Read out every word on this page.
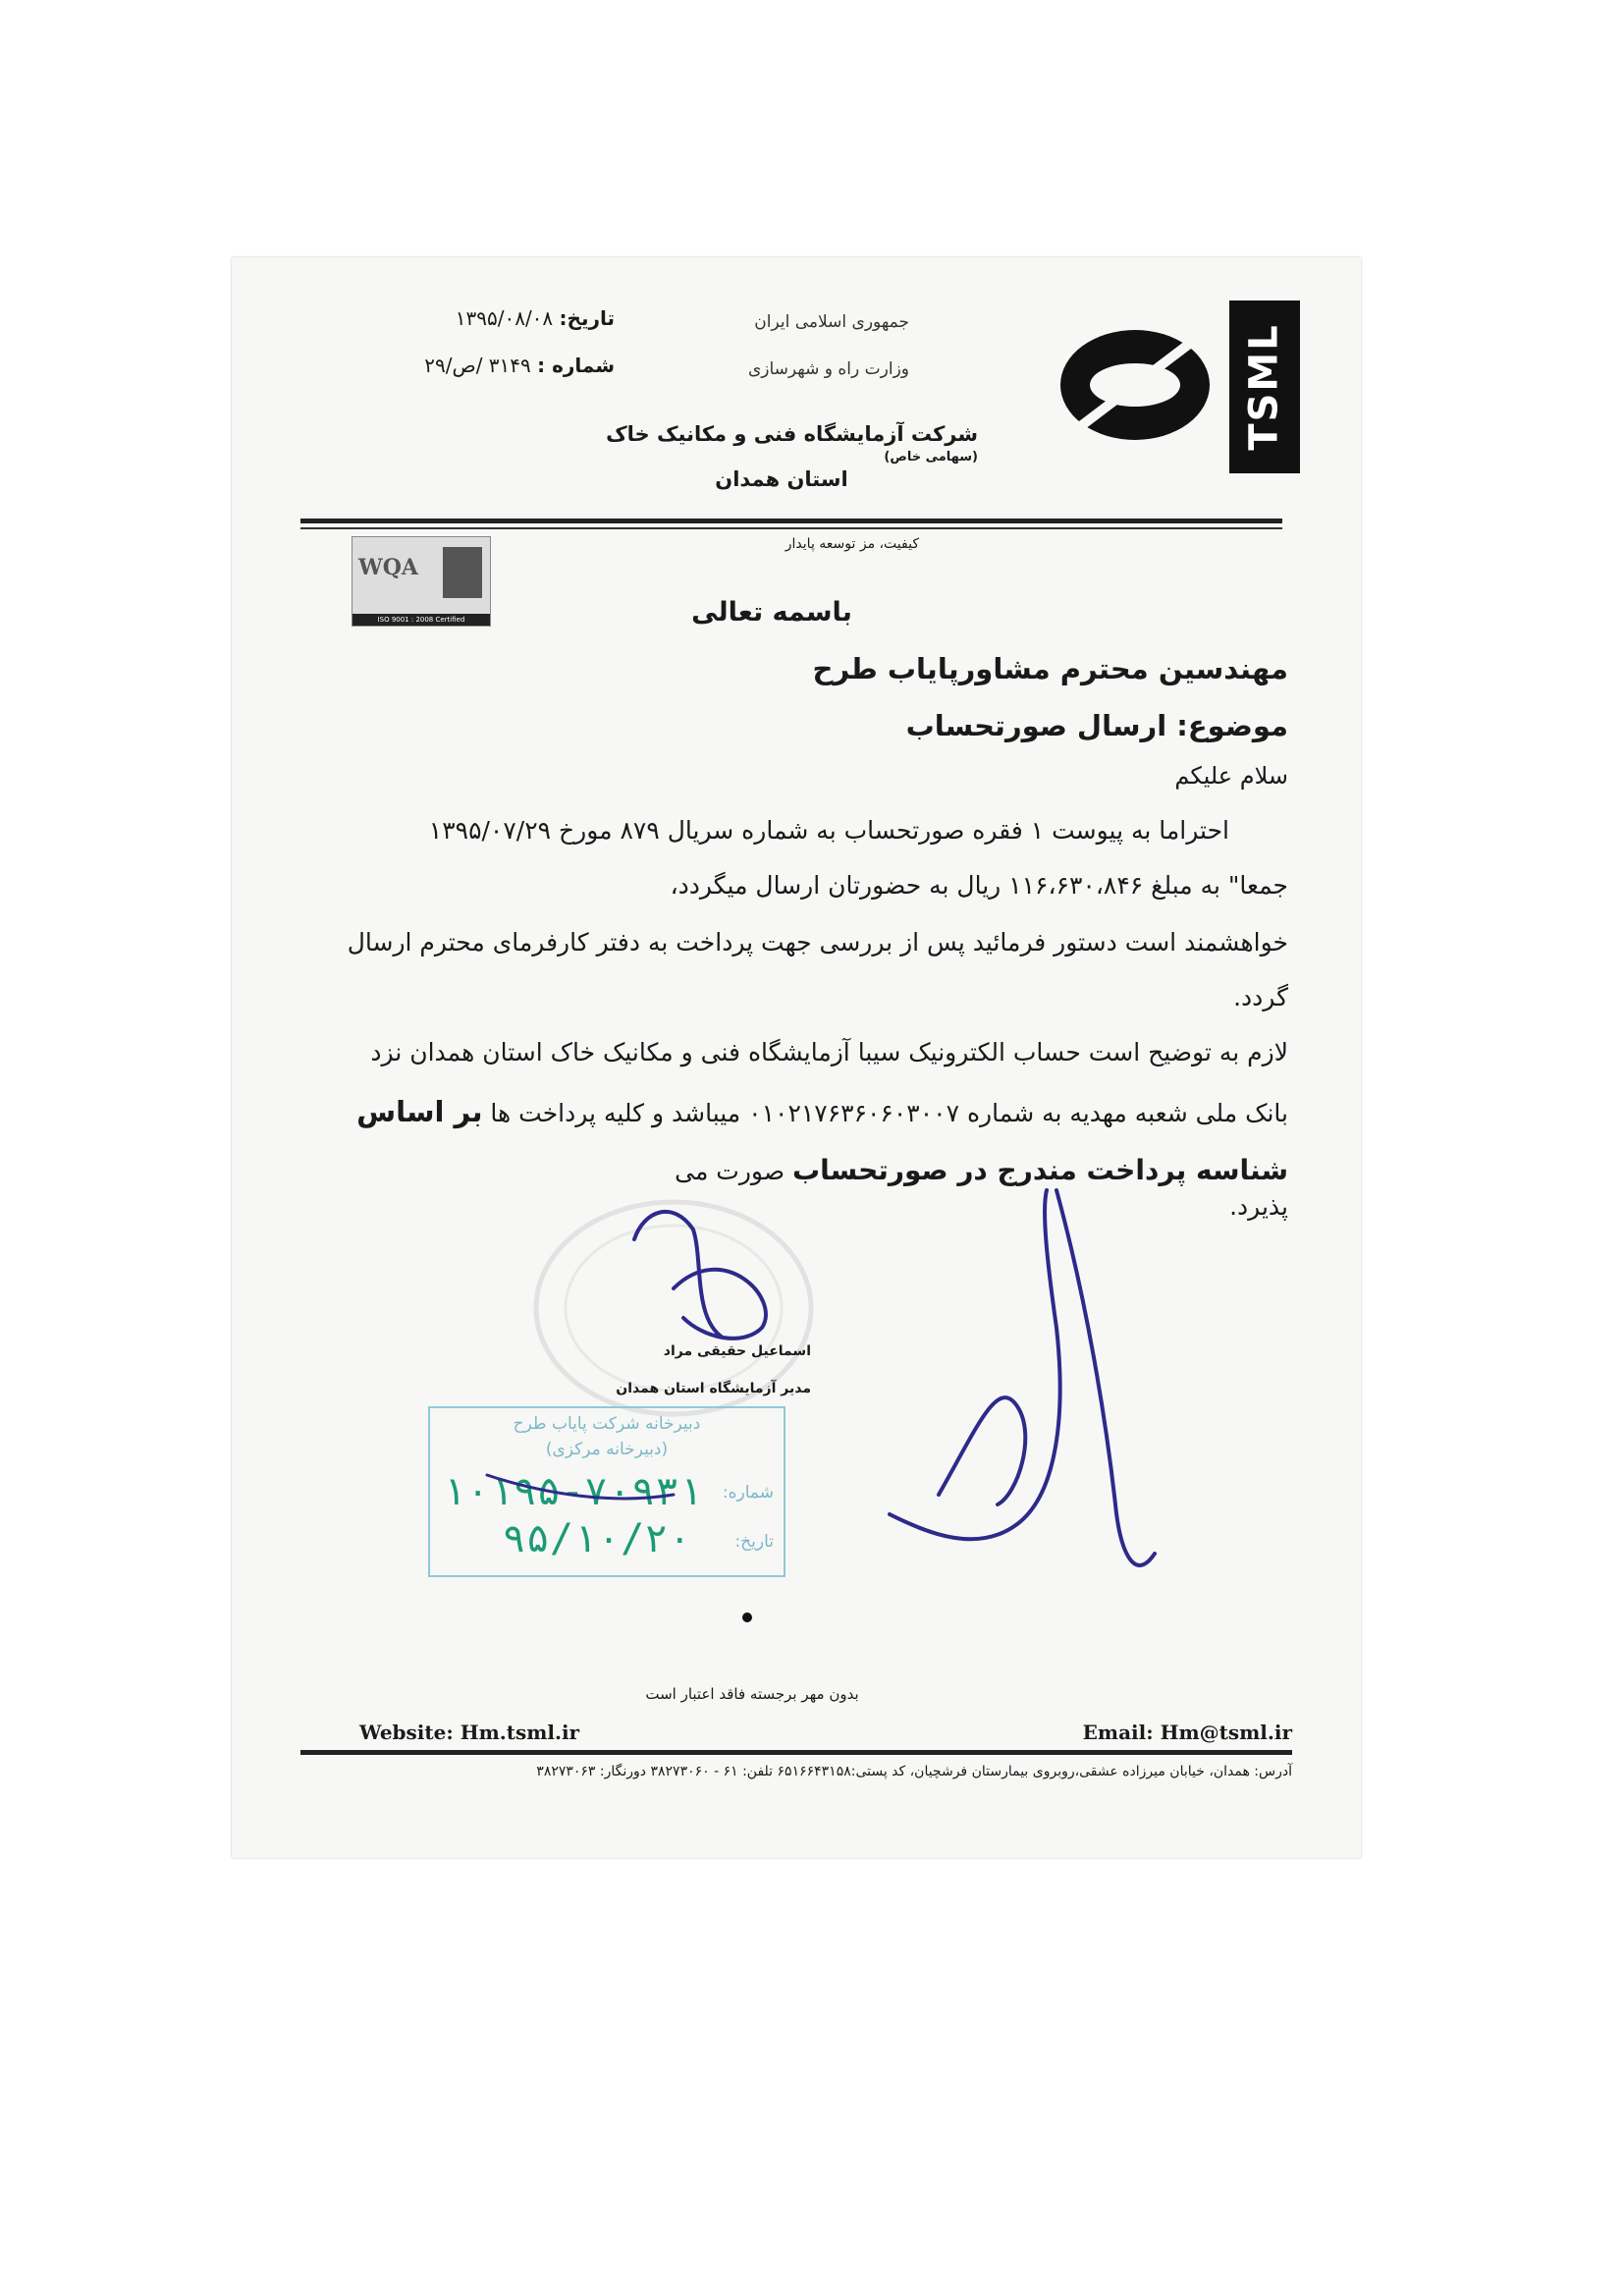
TSML
جمهوری اسلامی ایران
وزارت راه و شهرسازی
شرکت آزمایشگاه فنی و مکانیک خاک (سهامی خاص)
استان همدان
تاریخ: ۱۳۹۵/۰۸/۰۸
شماره : ۳۱۴۹ /ص/۲۹
کیفیت، مز توسعه پایدار
WQA
ISO 9001 : 2008 Certified	باسمه تعالی
مهندسین محترم مشاورپایاب طرح
موضوع: ارسال صورتحساب
سلام علیکم
احتراما به پیوست ۱ فقره صورتحساب به شماره سریال ۸۷۹ مورخ ۱۳۹۵/۰۷/۲۹
جمعا" به مبلغ ۱۱۶،۶۳۰،۸۴۶ ریال به حضورتان ارسال میگردد،
خواهشمند است دستور فرمائید پس از بررسی جهت پرداخت به دفتر کارفرمای محترم ارسال
گردد.
لازم به توضیح است حساب الکترونیک سیبا آزمایشگاه فنی و مکانیک خاک استان همدان نزد
بانک ملی شعبه مهدیه به شماره ۰۱۰۲۱۷۶۳۶۰۶۰۳۰۰۷ میباشد و کلیه پرداخت ها بر اساس
شناسه پرداخت مندرج در صورتحساب صورت می پذیرد.
اسماعیل حقیقی مراد
مدیر آزمایشگاه استان همدان
دبیرخانه شرکت پایاب طرح
(دبیرخانه مرکزی)
شماره:
۱۰۱۹۵-۷۰۹۳۱
تاریخ:
۹۵/۱۰/۲۰
بدون مهر برجسته فاقد اعتبار است
Website: Hm.tsml.ir	Email: Hm@tsml.ir
آدرس: همدان، خیابان میرزاده عشقی،روبروی بیمارستان فرشچیان، کد پستی:۶۵۱۶۶۴۳۱۵۸ تلفن: ۶۱ - ۳۸۲۷۳۰۶۰ دورنگار: ۳۸۲۷۳۰۶۳
